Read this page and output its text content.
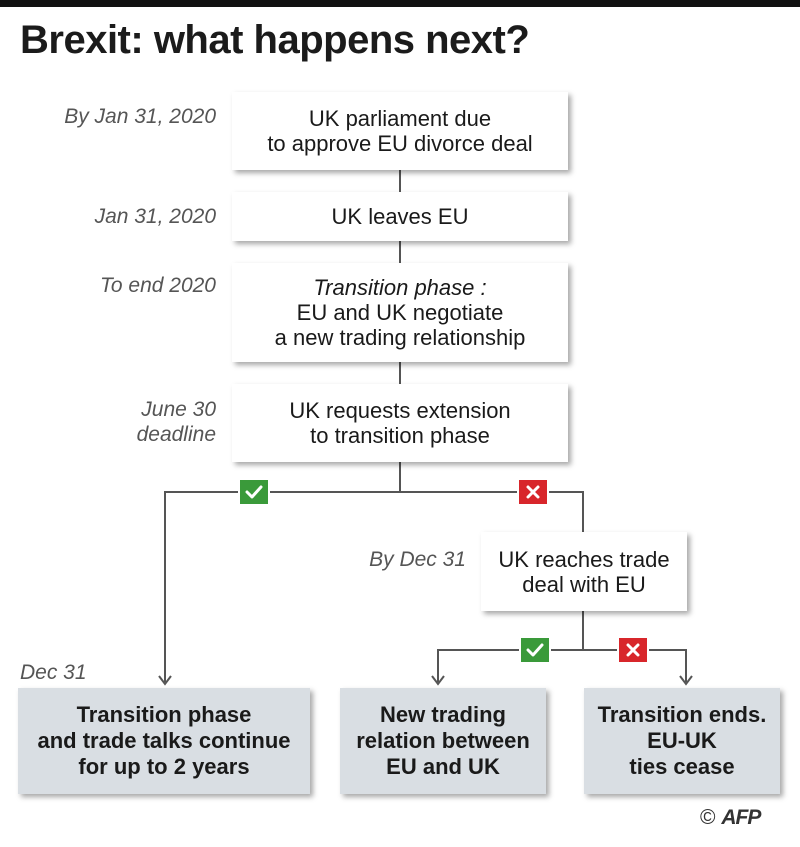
Brexit: what happens next?
By Jan 31, 2020
Jan 31, 2020
To end 2020
June 30
deadline
By Dec 31
Dec 31
UK parliament due
to approve EU divorce deal
UK leaves EU
Transition phase :
EU and UK negotiate
a new trading relationship
UK requests extension
to transition phase
UK reaches trade
deal with EU
Transition phase
and trade talks continue
for up to 2 years
New trading
relation between
EU and UK
Transition ends.
EU-UK
ties cease
© AFP
